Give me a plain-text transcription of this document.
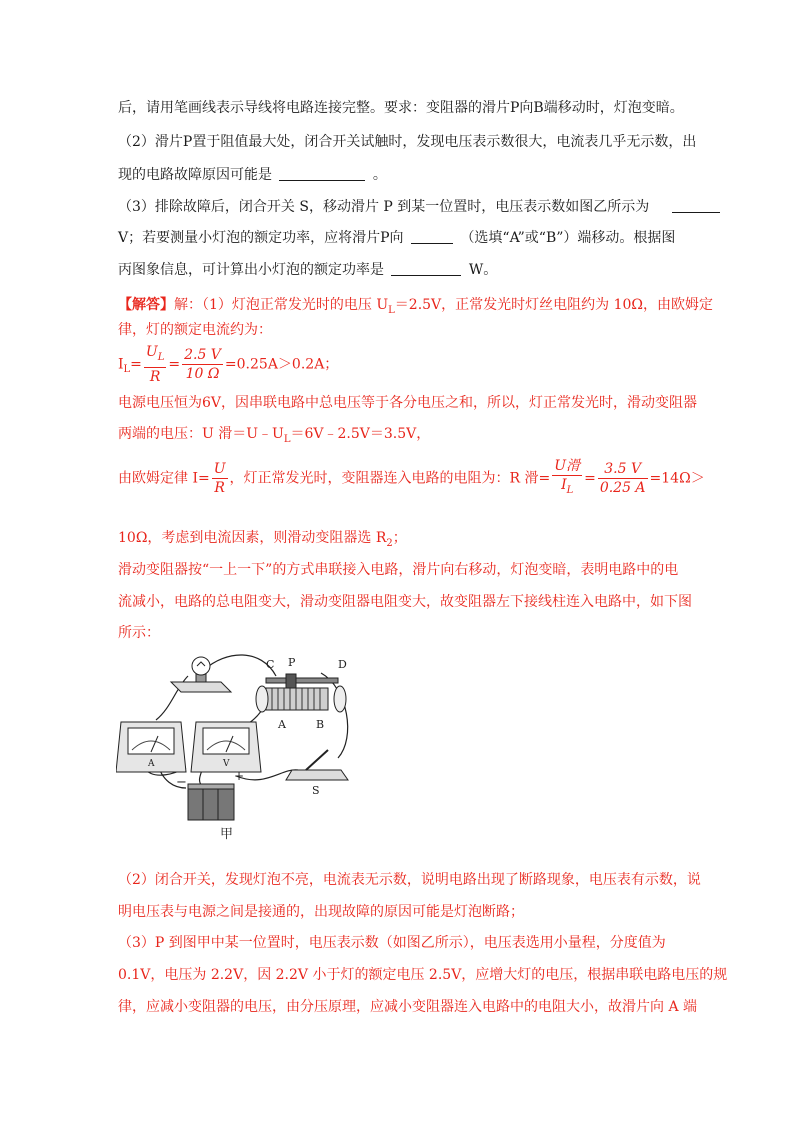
后，请用笔画线表示导线将电路连接完整。要求：变阻器的滑片P向B端移动时，灯泡变暗。
（2）滑片P置于阻值最大处，闭合开关试触时，发现电压表示数很大，电流表几乎无示数，出
现的电路故障原因可能是	。
（3）排除故障后，闭合开关 S，移动滑片 P 到某一位置时，电压表示数如图乙所示为
V；若要测量小灯泡的额定功率，应将滑片P向	（选填“A”或“B”）端移动。根据图
丙图象信息，可计算出小灯泡的额定功率是	W。
【解答】解：（1）灯泡正常发光时的电压 $U_L=2.5V$，正常发光时灯丝电阻约为 10Ω，由欧姆定
律，灯的额定电流约为：
$I_L= \frac{U_L}{R} = \frac{2.5 V}{10 \Omega} =0.25A>0.2A$；
电源电压恒为6V，因串联电路中总电压等于各分电压之和，所以，灯正常发光时，滑动变阻器
两端的电压：U 滑$=U﹣U_L=6V﹣2.5V=3.5V$，
由欧姆定律 $I= \frac{U}{R}$ ，灯正常发光时，变阻器连入电路的电阻为：R 滑= $\frac{\text{U滑}}{I_L} = \frac{3.5 V}{0.25 A} =14\Omega>$
10Ω，考虑到电流因素，则滑动变阻器选 $R_2$；
滑动变阻器按“一上一下”的方式串联接入电路，滑片向右移动，灯泡变暗，表明电路中的电
流减小，电路的总电阻变大，滑动变阻器电阻变大，故变阻器左下接线柱连入电路中，如下图
所示：
C P	D
A	B
A	V
S
−	+
甲
（2）闭合开关，发现灯泡不亮，电流表无示数，说明电路出现了断路现象，电压表有示数，说
明电压表与电源之间是接通的，出现故障的原因可能是灯泡断路；
（3）P 到图甲中某一位置时，电压表示数（如图乙所示），电压表选用小量程，分度值为
0.1V，电压为 2.2V，因 2.2V 小于灯的额定电压 2.5V，应增大灯的电压，根据串联电路电压的规
律，应减小变阻器的电压，由分压原理，应减小变阻器连入电路中的电阻大小，故滑片向 A 端
